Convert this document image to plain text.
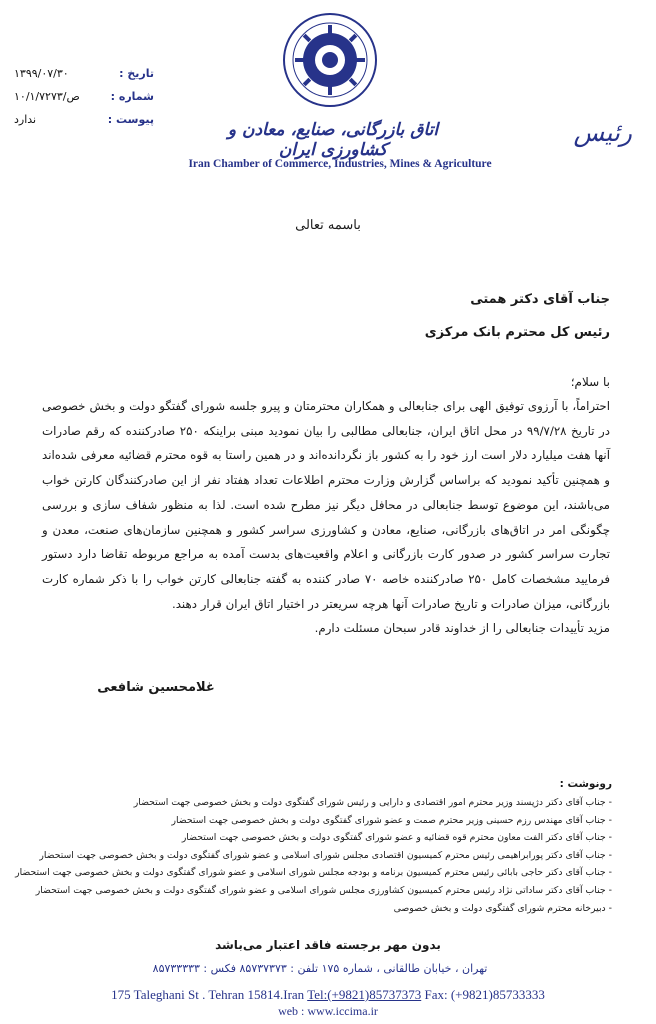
رئیس
اتاق بازرگانی، صنایع، معادن و کشاورزی ایران
Iran Chamber of Commerce, Industries, Mines & Agriculture
تاریخ :
۱۳۹۹/۰۷/۳۰
شماره :
۱۰/۱/۷۲۷۳/ص
پیوست :
ندارد
باسمه تعالی
جناب آقای دکتر همتی
رئیس کل محترم بانک مرکزی
با سلام؛
احتراماً، با آرزوی توفیق الهی برای جنابعالی و همکاران محترمتان و پیرو جلسه شورای گفتگو دولت و بخش خصوصی در تاریخ ۹۹/۷/۲۸ در محل اتاق ایران، جنابعالی مطالبی را بیان نمودید مبنی براینکه ۲۵۰ صادرکننده که رقم صادرات آنها هفت میلیارد دلار است ارز خود را به کشور باز نگردانده‌اند و در همین راستا به قوه محترم قضائیه معرفی شده‌اند و همچنین تأکید نمودید که براساس گزارش وزارت محترم اطلاعات تعداد هفتاد نفر از این صادرکنندگان کارتن خواب می‌باشند، این موضوع توسط جنابعالی در محافل دیگر نیز مطرح شده است. لذا به منظور شفاف سازی و بررسی چگونگی امر در اتاق‌های بازرگانی، صنایع، معادن و کشاورزی سراسر کشور و همچنین سازمان‌های صنعت، معدن و تجارت سراسر کشور در صدور کارت بازرگانی و اعلام واقعیت‌های بدست آمده به مراجع مربوطه تقاضا دارد دستور فرمایید مشخصات کامل ۲۵۰ صادرکننده خاصه ۷۰ صادر کننده به گفته جنابعالی کارتن خواب را با ذکر شماره کارت بازرگانی، میزان صادرات و تاریخ صادرات آنها هرچه سریعتر در اختیار اتاق ایران قرار دهند.
مزید تأییدات جنابعالی را از خداوند قادر سبحان مسئلت دارم.
غلامحسین شافعی
رونوشت :
- جناب آقای دکتر دژپسند وزیر محترم امور اقتصادی و دارایی و رئیس شورای گفتگوی دولت و بخش خصوصی جهت استحضار
- جناب آقای مهندس رزم حسینی وزیر محترم صمت و عضو شورای گفتگوی دولت و بخش خصوصی جهت استحضار
- جناب آقای دکتر الفت معاون محترم قوه قضائیه و عضو شورای گفتگوی دولت و بخش خصوصی جهت استحضار
- جناب آقای دکتر پورابراهیمی رئیس محترم کمیسیون اقتصادی مجلس شورای اسلامی و عضو شورای گفتگوی دولت و بخش خصوصی جهت استحضار
- جناب آقای دکتر حاجی بابائی رئیس محترم کمیسیون برنامه و بودجه مجلس شورای اسلامی و عضو شورای گفتگوی دولت و بخش خصوصی جهت استحضار
- جناب آقای دکتر ساداتی نژاد رئیس محترم کمیسیون کشاورزی مجلس شورای اسلامی و عضو شورای گفتگوی دولت و بخش خصوصی جهت استحضار
- دبیرخانه محترم شورای گفتگوی دولت و بخش خصوصی
بدون مهر برجسته فاقد اعتبار می‌باشد
تهران ، خیابان طالقانی ، شماره ۱۷۵ تلفن : ۸۵۷۳۷۳۷۳ فکس : ۸۵۷۳۳۳۳۳
175 Taleghani St . Tehran 15814.Iran Tel:(+9821)85737373 Fax: (+9821)85733333
web : www.iccima.ir
